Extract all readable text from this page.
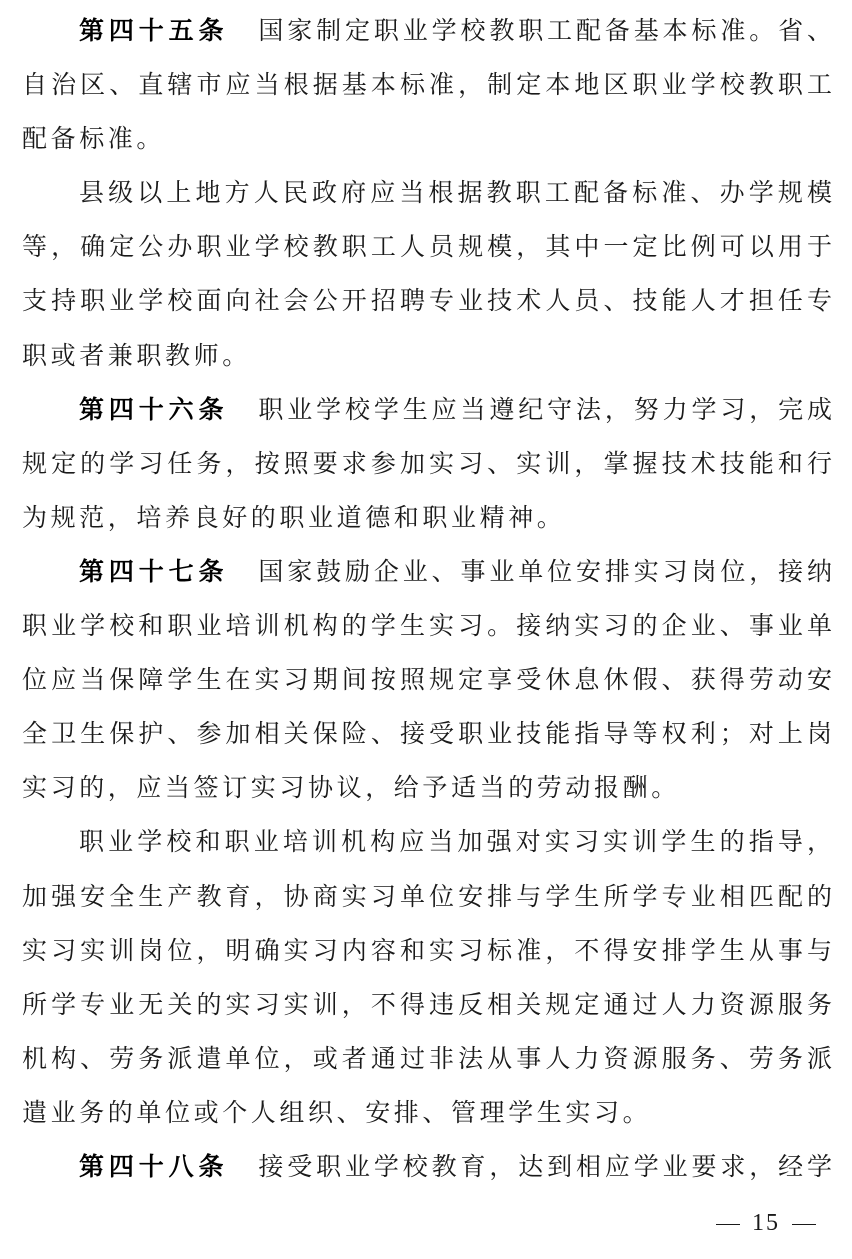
第四十五条 国家制定职业学校教职工配备基本标准。省、
自治区、直辖市应当根据基本标准，制定本地区职业学校教职工
配备标准。
县级以上地方人民政府应当根据教职工配备标准、办学规模
等，确定公办职业学校教职工人员规模，其中一定比例可以用于
支持职业学校面向社会公开招聘专业技术人员、技能人才担任专
职或者兼职教师。
第四十六条 职业学校学生应当遵纪守法，努力学习，完成
规定的学习任务，按照要求参加实习、实训，掌握技术技能和行
为规范，培养良好的职业道德和职业精神。
第四十七条 国家鼓励企业、事业单位安排实习岗位，接纳
职业学校和职业培训机构的学生实习。接纳实习的企业、事业单
位应当保障学生在实习期间按照规定享受休息休假、获得劳动安
全卫生保护、参加相关保险、接受职业技能指导等权利；对上岗
实习的，应当签订实习协议，给予适当的劳动报酬。
职业学校和职业培训机构应当加强对实习实训学生的指导，
加强安全生产教育，协商实习单位安排与学生所学专业相匹配的
实习实训岗位，明确实习内容和实习标准，不得安排学生从事与
所学专业无关的实习实训，不得违反相关规定通过人力资源服务
机构、劳务派遣单位，或者通过非法从事人力资源服务、劳务派
遣业务的单位或个人组织、安排、管理学生实习。
第四十八条 接受职业学校教育，达到相应学业要求，经学
15
